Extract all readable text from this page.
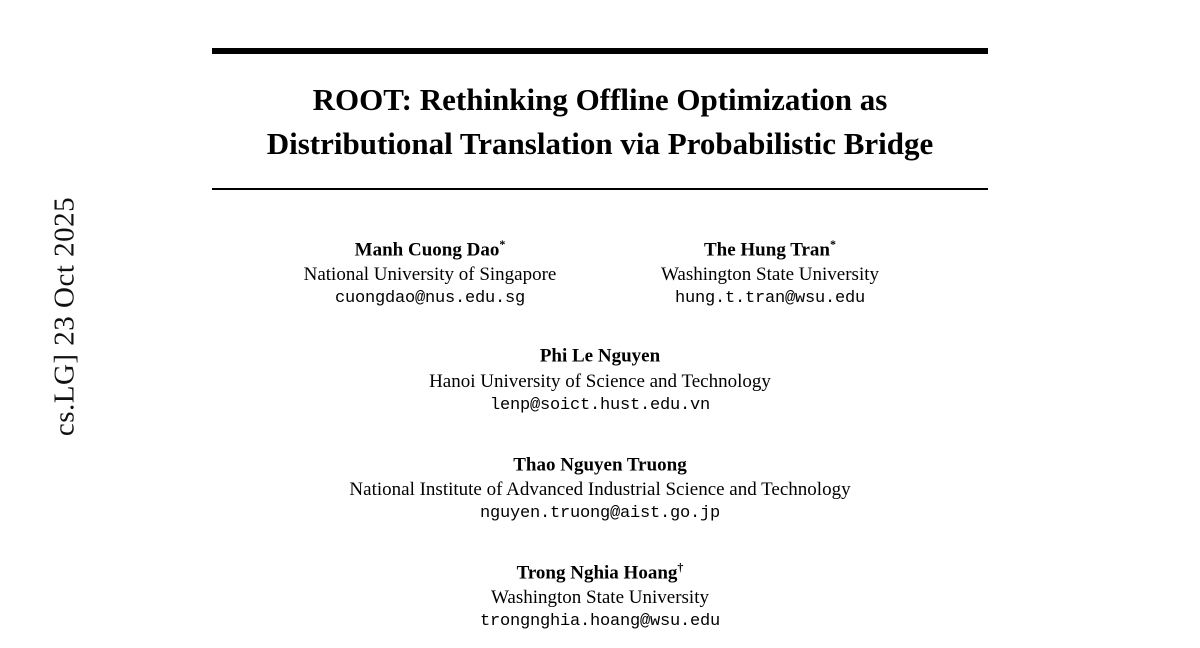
cs.LG] 23 Oct 2025
ROOT: Rethinking Offline Optimization as
Distributional Translation via Probabilistic Bridge
Manh Cuong Dao*
National University of Singapore
cuongdao@nus.edu.sg
The Hung Tran*
Washington State University
hung.t.tran@wsu.edu
Phi Le Nguyen
Hanoi University of Science and Technology
lenp@soict.hust.edu.vn
Thao Nguyen Truong
National Institute of Advanced Industrial Science and Technology
nguyen.truong@aist.go.jp
Trong Nghia Hoang†
Washington State University
trongnghia.hoang@wsu.edu
